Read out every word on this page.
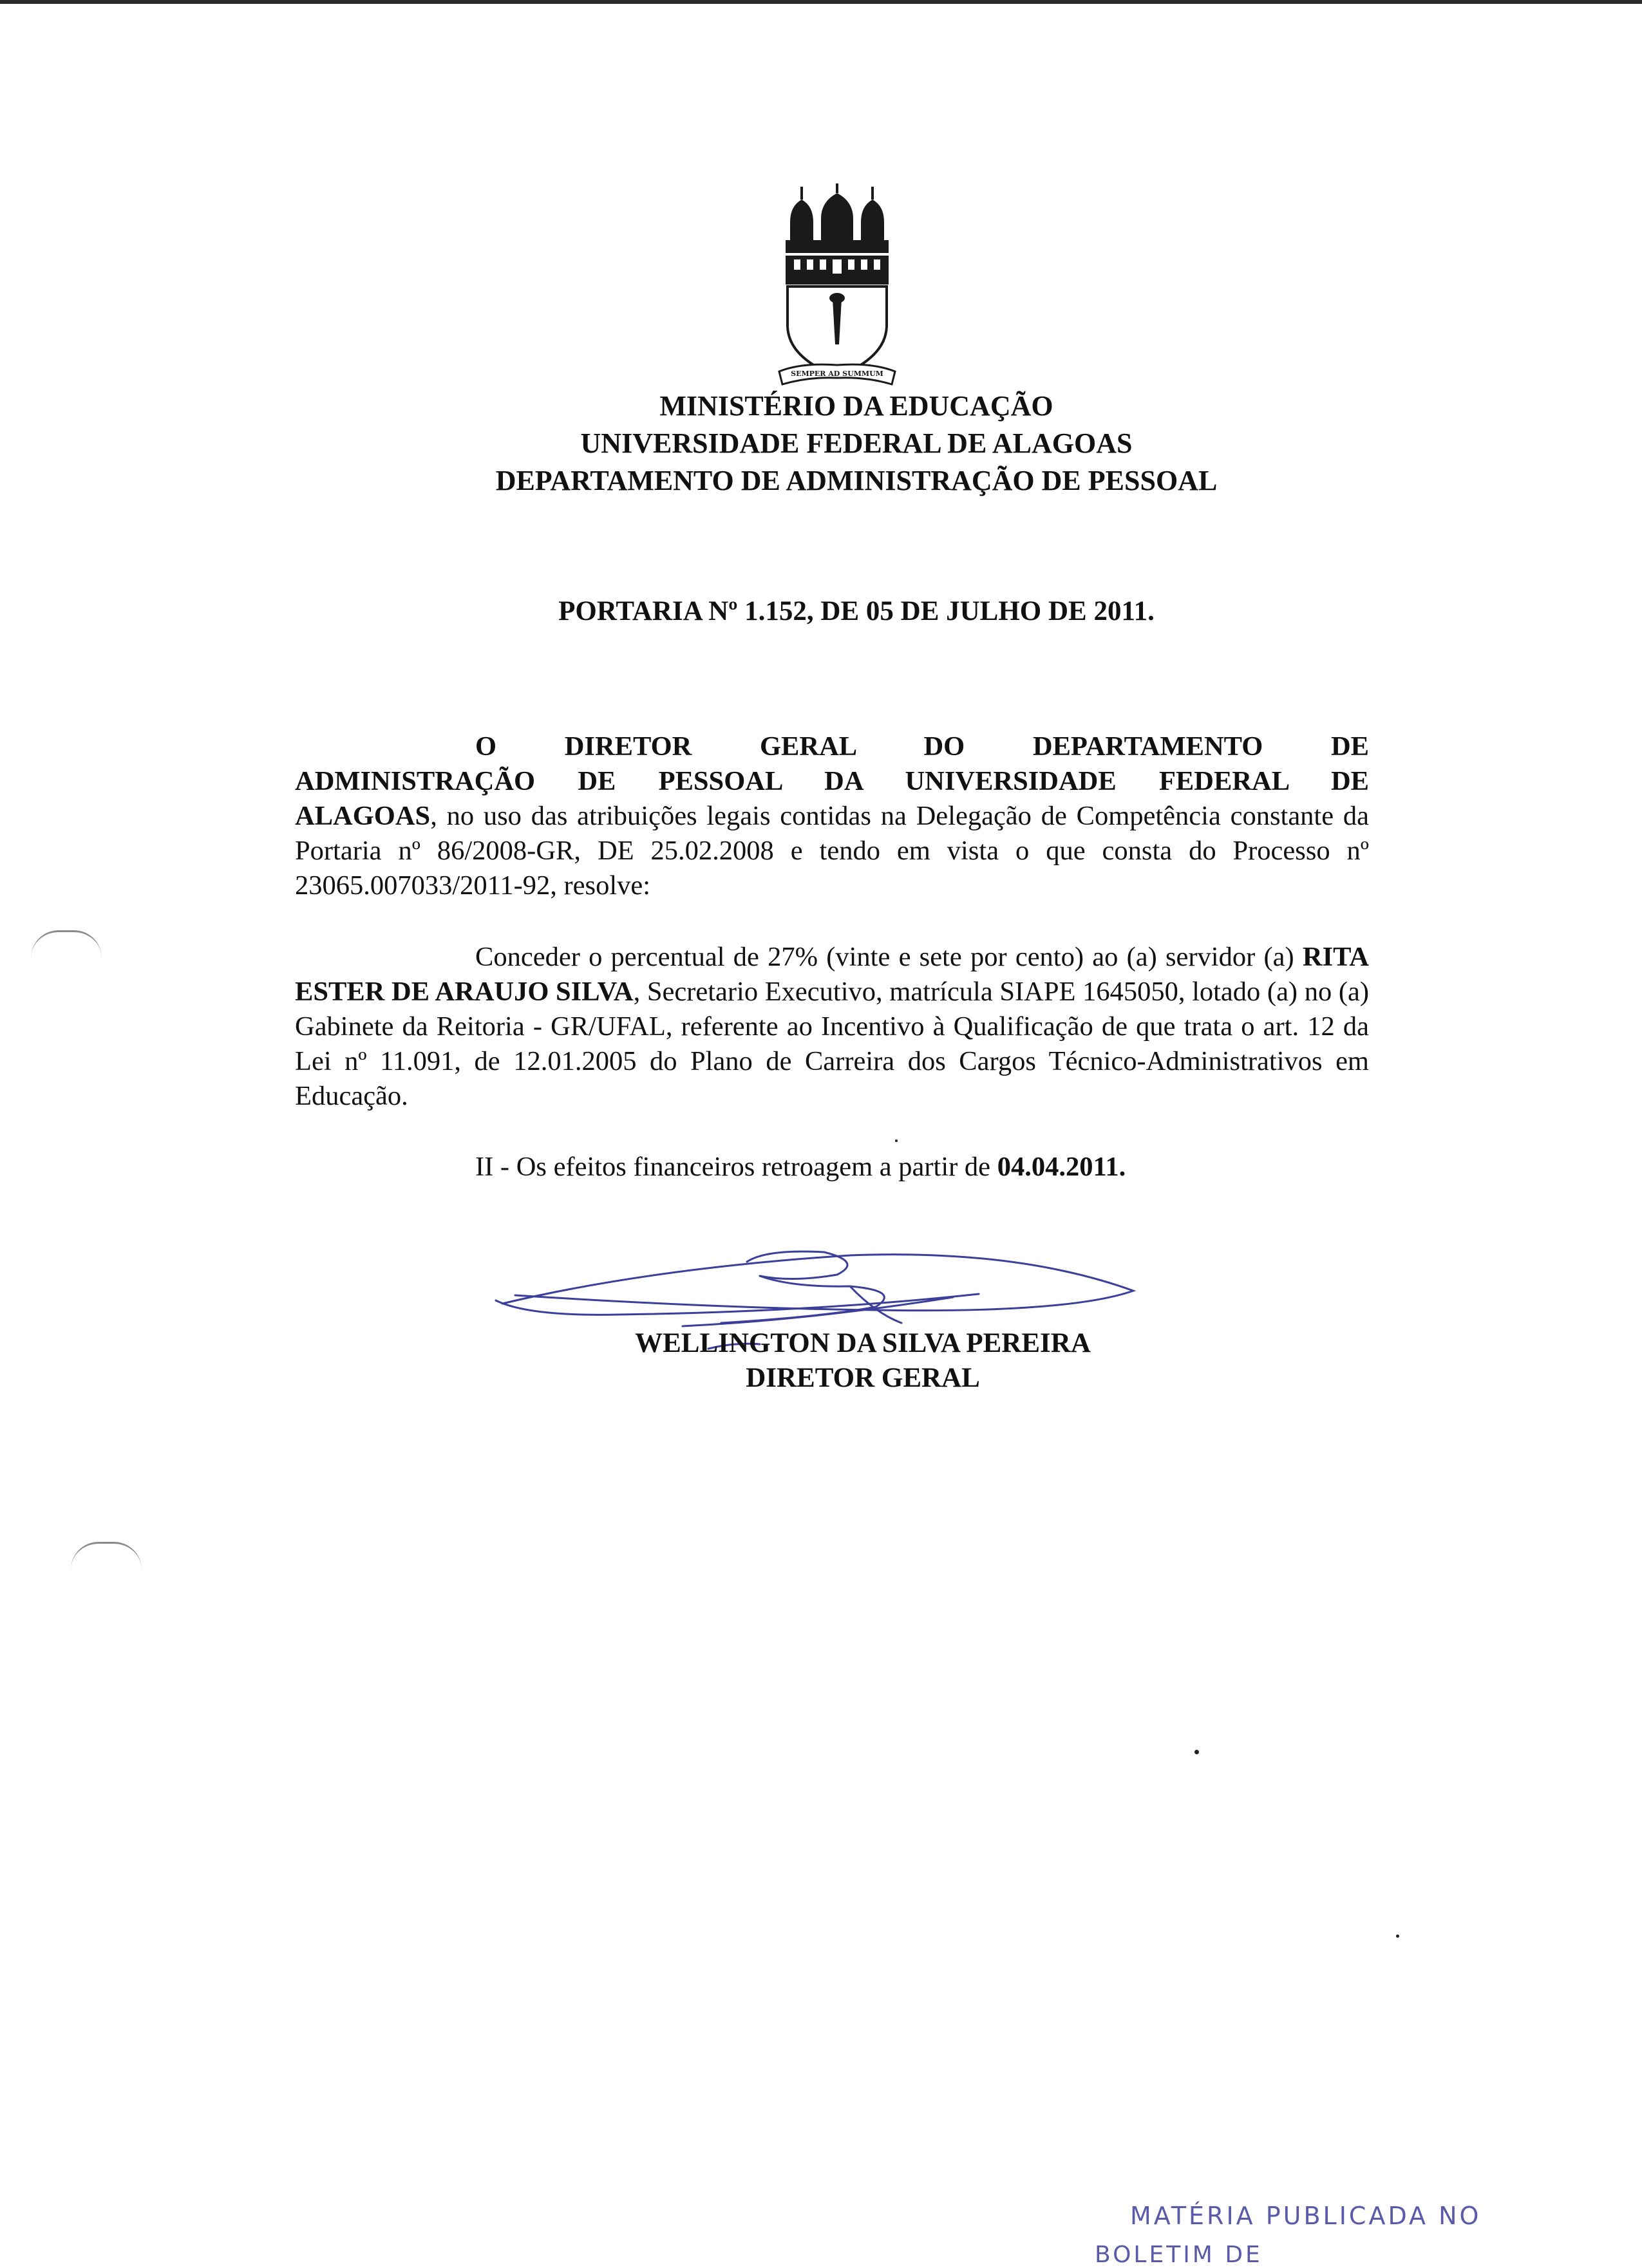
SEMPER AD SUMMUM
MINISTÉRIO DA EDUCAÇÃO
UNIVERSIDADE FEDERAL DE ALAGOAS
DEPARTAMENTO DE ADMINISTRAÇÃO DE PESSOAL
PORTARIA Nº 1.152, DE 05 DE JULHO DE 2011.

O DIRETOR GERAL DO DEPARTAMENTO DE

ADMINISTRAÇÃO DE PESSOAL DA UNIVERSIDADE FEDERAL DE

ALAGOAS, no uso das atribuições legais contidas na Delegação de Competência constante da Portaria nº 86/2008-GR, DE 25.02.2008 e tendo em vista o que consta do Processo nº 23065.007033/2011-92, resolve:

Conceder o percentual de 27% (vinte e sete por cento) ao (a) servidor (a) RITA ESTER DE ARAUJO SILVA, Secretario Executivo, matrícula SIAPE 1645050, lotado (a) no (a) Gabinete da Reitoria - GR/UFAL, referente ao Incentivo à Qualificação de que trata o art. 12 da Lei nº 11.091, de 12.01.2005 do Plano de Carreira dos Cargos Técnico-Administrativos em Educação.

II - Os efeitos financeiros retroagem a partir de 04.04.2011.
WELLINGTON DA SILVA PEREIRA
DIRETOR GERAL
MATÉRIA PUBLICADA NO
BOLETIM DE
